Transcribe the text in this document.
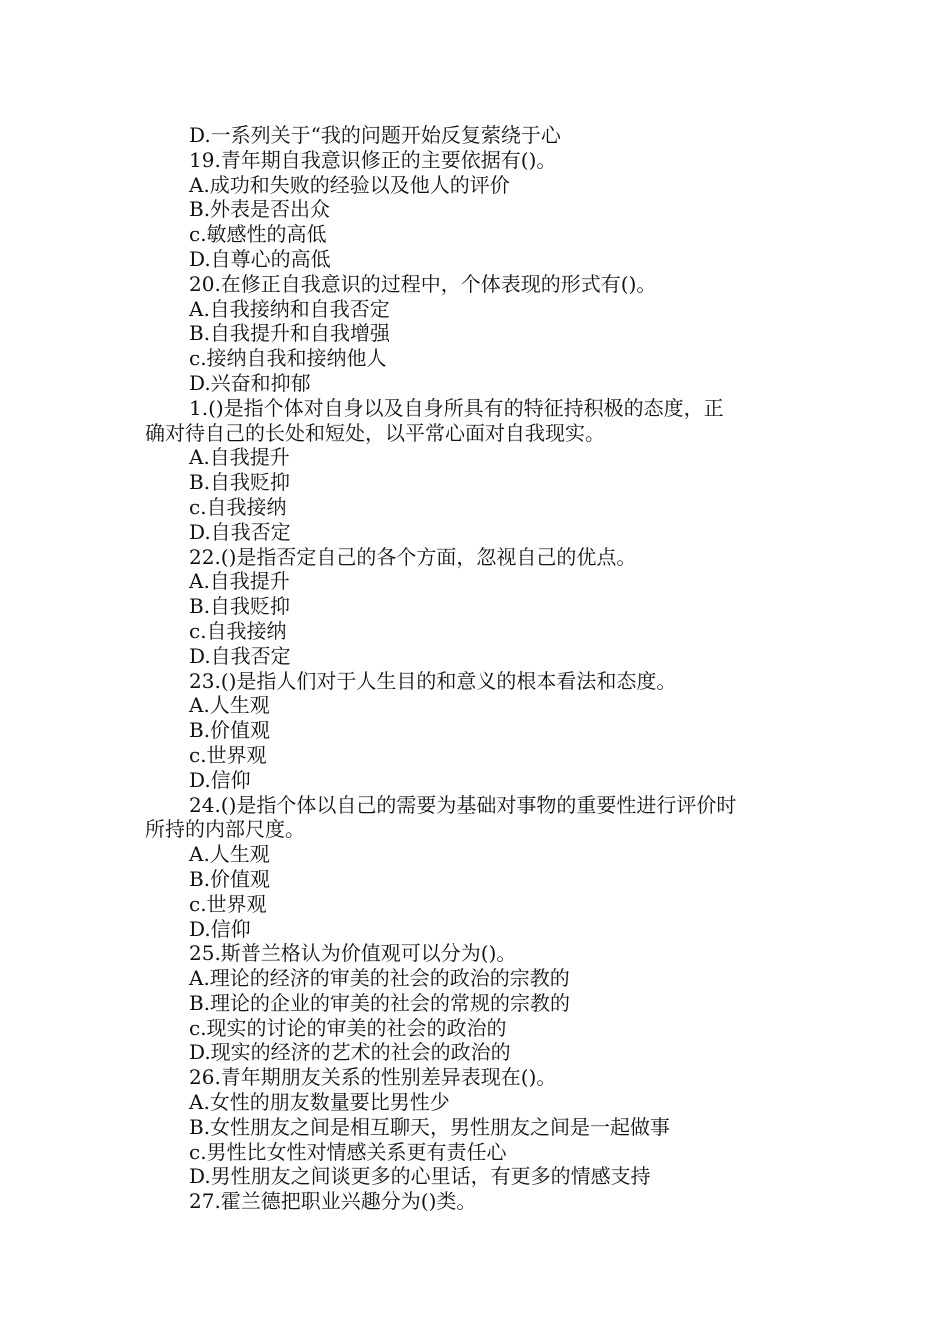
D.一系列关于“我的问题开始反复萦绕于心
19.青年期自我意识修正的主要依据有()。
A.成功和失败的经验以及他人的评价
B.外表是否出众
c.敏感性的高低
D.自尊心的高低
20.在修正自我意识的过程中，个体表现的形式有()。
A.自我接纳和自我否定
B.自我提升和自我增强
c.接纳自我和接纳他人
D.兴奋和抑郁
1.()是指个体对自身以及自身所具有的特征持积极的态度，正
确对待自己的长处和短处，以平常心面对自我现实。
A.自我提升
B.自我贬抑
c.自我接纳
D.自我否定
22.()是指否定自己的各个方面，忽视自己的优点。
A.自我提升
B.自我贬抑
c.自我接纳
D.自我否定
23.()是指人们对于人生目的和意义的根本看法和态度。
A.人生观
B.价值观
c.世界观
D.信仰
24.()是指个体以自己的需要为基础对事物的重要性进行评价时
所持的内部尺度。
A.人生观
B.价值观
c.世界观
D.信仰
25.斯普兰格认为价值观可以分为()。
A.理论的经济的审美的社会的政治的宗教的
B.理论的企业的审美的社会的常规的宗教的
c.现实的讨论的审美的社会的政治的
D.现实的经济的艺术的社会的政治的
26.青年期朋友关系的性别差异表现在()。
A.女性的朋友数量要比男性少
B.女性朋友之间是相互聊天，男性朋友之间是一起做事
c.男性比女性对情感关系更有责任心
D.男性朋友之间谈更多的心里话，有更多的情感支持
27.霍兰德把职业兴趣分为()类。
